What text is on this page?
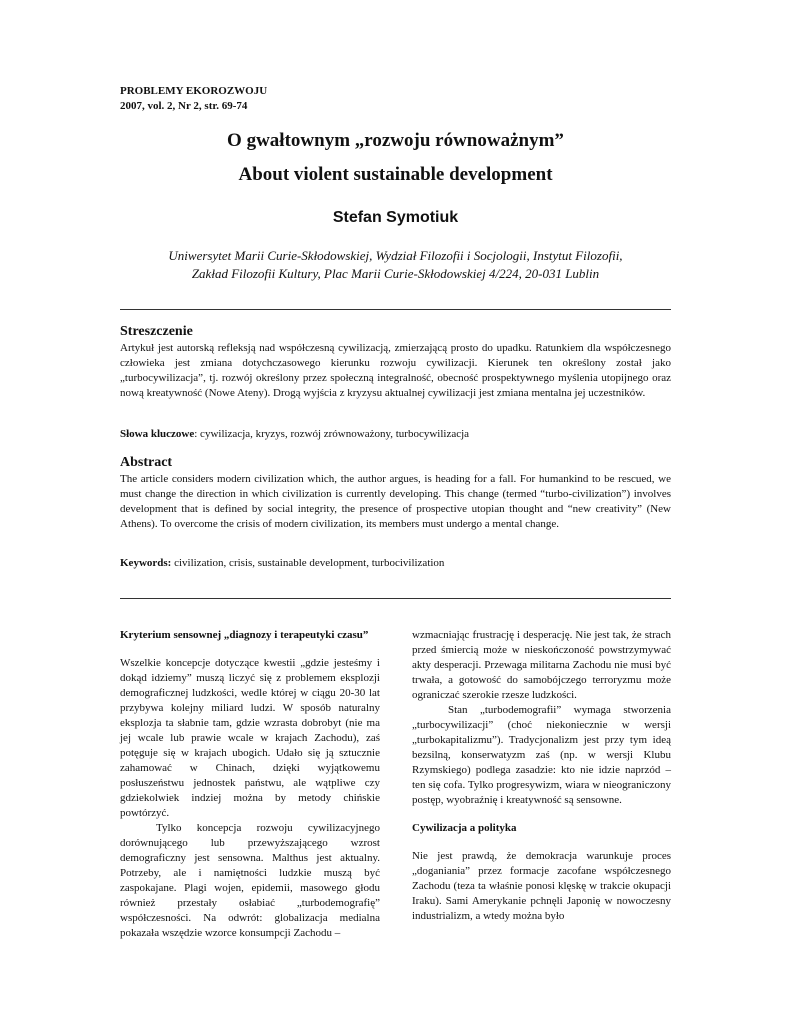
PROBLEMY EKOROZWOJU
2007, vol. 2, Nr 2, str. 69-74
O gwałtownym „rozwoju równoważnym”
About violent sustainable development
Stefan Symotiuk
Uniwersytet Marii Curie-Skłodowskiej, Wydział Filozofii i Socjologii, Instytut Filozofii,
Zakład Filozofii Kultury, Plac Marii Curie-Skłodowskiej 4/224, 20-031 Lublin
Streszczenie
Artykuł jest autorską refleksją nad współczesną cywilizacją, zmierzającą prosto do upadku. Ratunkiem dla współczesnego człowieka jest zmiana dotychczasowego kierunku rozwoju cywilizacji. Kierunek ten określony został jako „turbocywilizacja”, tj. rozwój określony przez społeczną integralność, obecność prospektywnego myślenia utopijnego oraz nową kreatywność (Nowe Ateny). Drogą wyjścia z kryzysu aktualnej cywilizacji jest zmiana mentalna jej uczestników.
Słowa kluczowe: cywilizacja, kryzys, rozwój zrównoważony, turbocywilizacja
Abstract
The article considers modern civilization which, the author argues, is heading for a fall. For humankind to be rescued, we must change the direction in which civilization is currently developing. This change (termed “turbo-civilization”) involves development that is defined by social integrity, the presence of prospective utopian thought and “new creativity” (New Athens). To overcome the crisis of modern civilization, its members must undergo a mental change.
Keywords: civilization, crisis, sustainable development, turbocivilization
Kryterium sensownej „diagnozy i terapeutyki czasu”

Wszelkie koncepcje dotyczące kwestii „gdzie jesteśmy i dokąd idziemy” muszą liczyć się z problemem eksplozji demograficznej ludzkości, wedle której w ciągu 20-30 lat przybywa kolejny miliard ludzi. W sposób naturalny eksplozja ta słabnie tam, gdzie wzrasta dobrobyt (nie ma jej wcale lub prawie wcale w krajach Zachodu), zaś potęguje się w krajach ubogich. Udało się ją sztucznie zahamować w Chinach, dzięki wyjątkowemu posłuszeństwu jednostek państwu, ale wątpliwe czy gdziekolwiek indziej można by metody chińskie powtórzyć.

Tylko koncepcja rozwoju cywilizacyjnego dorównującego lub przewyższającego wzrost demograficzny jest sensowna. Malthus jest aktualny. Potrzeby, ale i namiętności ludzkie muszą być zaspokajane. Plagi wojen, epidemii, masowego głodu również przestały osłabiać „turbodemografię” współczesności. Na odwrót: globalizacja medialna pokazała wszędzie wzorce konsumpcji Zachodu –

wzmacniając frustrację i desperację. Nie jest tak, że strach przed śmiercią może w nieskończoność powstrzymywać akty desperacji. Przewaga militarna Zachodu nie musi być trwała, a gotowość do samobójczego terroryzmu może ograniczać szerokie rzesze ludzkości.

Stan „turbodemografii” wymaga stworzenia „turbocywilizacji” (choć niekoniecznie w wersji „turbokapitalizmu”). Tradycjonalizm jest przy tym ideą bezsilną, konserwatyzm zaś (np. w wersji Klubu Rzymskiego) podlega zasadzie: kto nie idzie naprzód – ten się cofa. Tylko progresywizm, wiara w nieograniczony postęp, wyobraźnię i kreatywność są sensowne.

Cywilizacja a polityka

Nie jest prawdą, że demokracja warunkuje proces „doganiania” przez formacje zacofane współczesnego Zachodu (teza ta właśnie ponosi klęskę w trakcie okupacji Iraku). Sami Amerykanie pchnęli Japonię w nowoczesny industrializm, a wtedy można było
